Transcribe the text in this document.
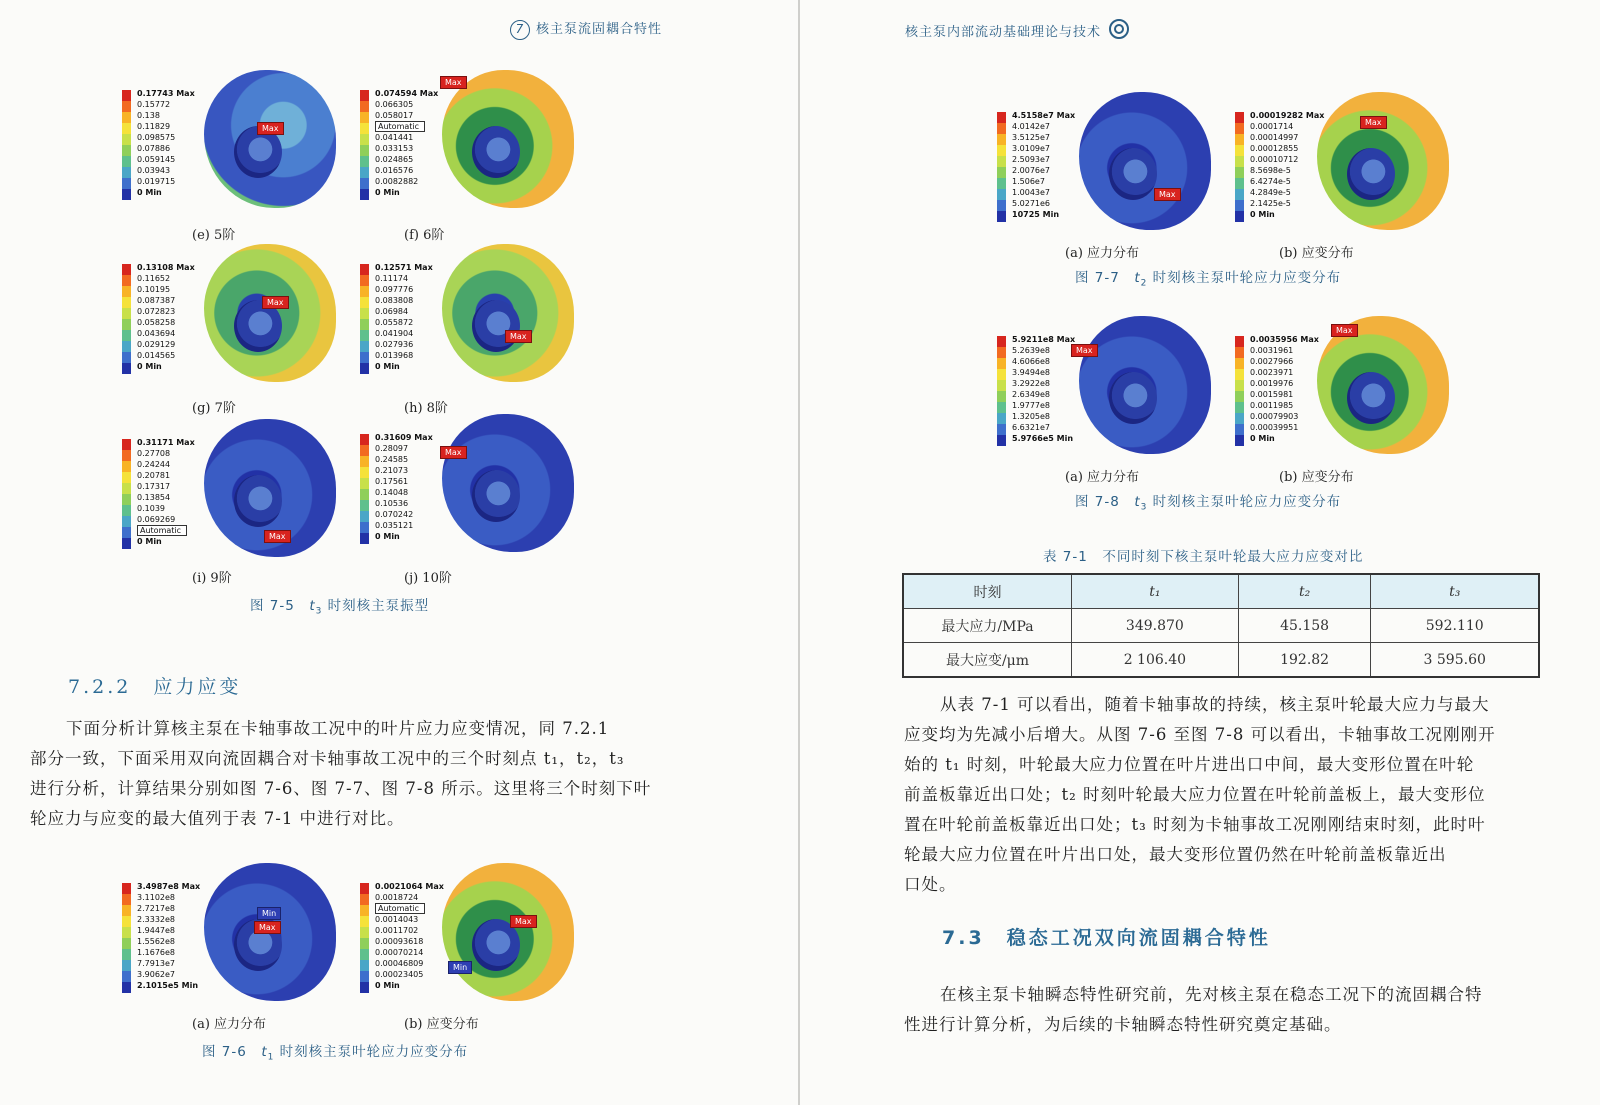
7 核主泵流固耦合特性
0.17743 Max
0.15772
0.138
0.11829
0.098575
0.07886
0.059145
0.03943
0.019715
0 Min
Max
(e) 5阶
0.074594 Max
0.066305
0.058017
Automatic
0.041441
0.033153
0.024865
0.016576
0.0082882
0 Min
Max
(f) 6阶
0.13108 Max
0.11652
0.10195
0.087387
0.072823
0.058258
0.043694
0.029129
0.014565
0 Min
Max
(g) 7阶
0.12571 Max
0.11174
0.097776
0.083808
0.06984
0.055872
0.041904
0.027936
0.013968
0 Min
Max
(h) 8阶
0.31171 Max
0.27708
0.24244
0.20781
0.17317
0.13854
0.1039
0.069269
Automatic
0 Min
Max
(i) 9阶
0.31609 Max
0.28097
0.24585
0.21073
0.17561
0.14048
0.10536
0.070242
0.035121
0 Min
Max
(j) 10阶
图 7-5　 $t_3$ 时刻核主泵振型
7.2.2　 应力应变
下面分析计算核主泵在卡轴事故工况中的叶片应力应变情况，同 7.2.1
部分一致，下面采用双向流固耦合对卡轴事故工况中的三个时刻点 t₁，t₂，t₃
进行分析，计算结果分别如图 7-6、图 7-7、图 7-8 所示。这里将三个时刻下叶
轮应力与应变的最大值列于表 7-1 中进行对比。
3.4987e8 Max
3.1102e8
2.7217e8
2.3332e8
1.9447e8
1.5562e8
1.1676e8
7.7913e7
3.9062e7
2.1015e5 Min
Min
Max
(a) 应力分布
0.0021064 Max
0.0018724
Automatic
0.0014043
0.0011702
0.00093618
0.00070214
0.00046809
0.00023405
0 Min
Max
Min
(b) 应变分布
图 7-6　 $t_1$ 时刻核主泵叶轮应力应变分布
核主泵内部流动基础理论与技术
4.5158e7 Max
4.0142e7
3.5125e7
3.0109e7
2.5093e7
2.0076e7
1.506e7
1.0043e7
5.0271e6
10725 Min
Max
(a) 应力分布
0.00019282 Max
0.0001714
0.00014997
0.00012855
0.00010712
8.5698e-5
6.4274e-5
4.2849e-5
2.1425e-5
0 Min
Max
(b) 应变分布
图 7-7　 $t_2$ 时刻核主泵叶轮应力应变分布
5.9211e8 Max
5.2639e8
4.6066e8
3.9494e8
3.2922e8
2.6349e8
1.9777e8
1.3205e8
6.6321e7
5.9766e5 Min
Max
(a) 应力分布
0.0035956 Max
0.0031961
0.0027966
0.0023971
0.0019976
0.0015981
0.0011985
0.00079903
0.00039951
0 Min
Max
(b) 应变分布
图 7-8　 $t_3$ 时刻核主泵叶轮应力应变分布
表 7-1　不同时刻下核主泵叶轮最大应力应变对比
时刻	t₁	t₂	t₃
最大应力/MPa	349.870	45.158	592.110
最大应变/μm	2 106.40	192.82	3 595.60
从表 7-1 可以看出，随着卡轴事故的持续，核主泵叶轮最大应力与最大
应变均为先减小后增大。从图 7-6 至图 7-8 可以看出，卡轴事故工况刚刚开
始的 t₁ 时刻，叶轮最大应力位置在叶片进出口中间，最大变形位置在叶轮
前盖板靠近出口处；t₂ 时刻叶轮最大应力位置在叶轮前盖板上，最大变形位
置在叶轮前盖板靠近出口处；t₃ 时刻为卡轴事故工况刚刚结束时刻，此时叶
轮最大应力位置在叶片出口处，最大变形位置仍然在叶轮前盖板靠近出
口处。
7.3　 稳态工况双向流固耦合特性
在核主泵卡轴瞬态特性研究前，先对核主泵在稳态工况下的流固耦合特
性进行计算分析，为后续的卡轴瞬态特性研究奠定基础。
